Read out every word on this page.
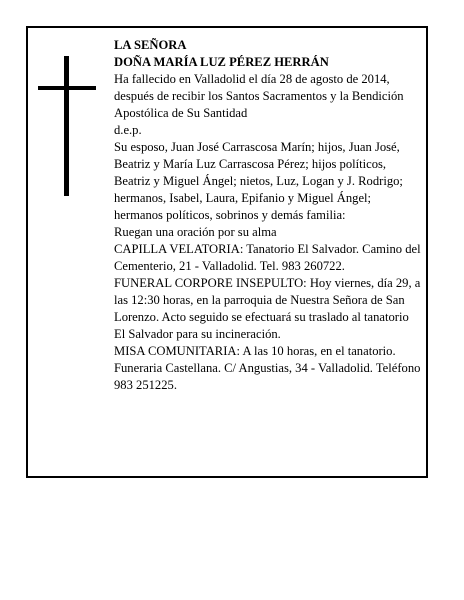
LA SEÑORA

DOÑA MARÍA LUZ PÉREZ HERRÁN

Ha fallecido en Valladolid el día 28 de agosto de 2014, después de recibir los Santos Sacramentos y la Bendición Apostólica de Su Santidad

d.e.p.

Su esposo, Juan José Carrascosa Marín; hijos, Juan José, Beatriz y María Luz Carrascosa Pérez; hijos políticos, Beatriz y Miguel Ángel; nietos, Luz, Logan y J. Rodrigo; hermanos, Isabel, Laura, Epifanio y Miguel Ángel; hermanos políticos, sobrinos y demás familia:

Ruegan una oración por su alma

CAPILLA VELATORIA: Tanatorio El Salvador. Camino del Cementerio, 21 - Valladolid. Tel. 983 260722.

FUNERAL CORPORE INSEPULTO: Hoy viernes, día 29, a las 12:30 horas, en la parroquia de Nuestra Señora de San Lorenzo. Acto seguido se efectuará su traslado al tanatorio El Salvador para su incineración.

MISA COMUNITARIA: A las 10 horas, en el tanatorio.

Funeraria Castellana. C/ Angustias, 34 - Valladolid. Teléfono 983 251225.
